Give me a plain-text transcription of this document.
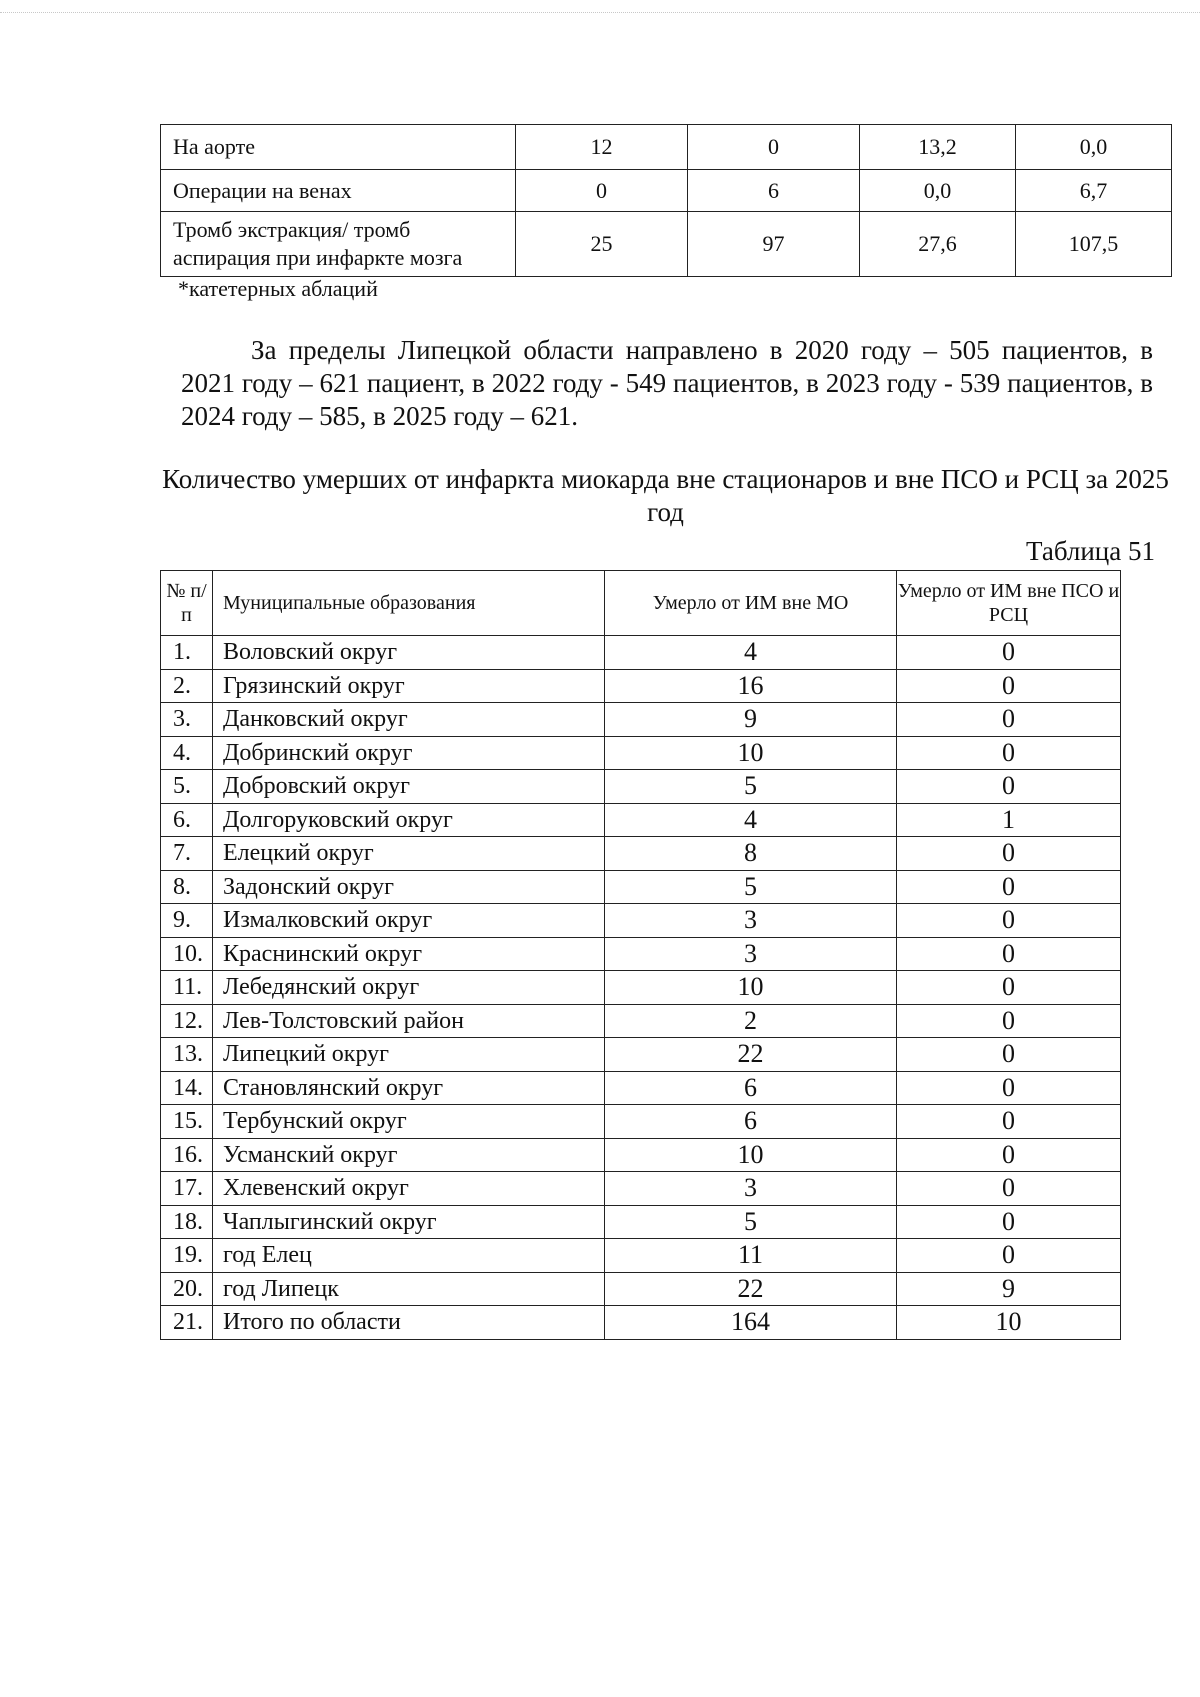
На аорте	12	0	13,2	0,0
Операции на венах	0	6	0,0	6,7
Тромб экстракция/ тромб аспирация при инфаркте мозга	25	97	27,6	107,5
*катетерных аблаций

За пределы Липецкой области направлено в 2020 году – 505 пациентов, в 2021 году – 621 пациент, в 2022 году - 549 пациентов, в 2023 году - 539 пациентов, в 2024 году – 585, в 2025 году – 621.

Количество умерших от инфаркта миокарда вне стационаров и вне ПСО и РСЦ за 2025 год
Таблица 51
№ п/п	Муниципальные образования	Умерло от ИМ вне МО	Умерло от ИМ вне ПСО и РСЦ
1.	Воловский округ	4	0
2.	Грязинский округ	16	0
3.	Данковский округ	9	0
4.	Добринский округ	10	0
5.	Добровский округ	5	0
6.	Долгоруковский округ	4	1
7.	Елецкий округ	8	0
8.	Задонский округ	5	0
9.	Измалковский округ	3	0
10.	Краснинский округ	3	0
11.	Лебедянский округ	10	0
12.	Лев-Толстовский район	2	0
13.	Липецкий округ	22	0
14.	Становлянский округ	6	0
15.	Тербунский округ	6	0
16.	Усманский округ	10	0
17.	Хлевенский округ	3	0
18.	Чаплыгинский округ	5	0
19.	год Елец	11	0
20.	год Липецк	22	9
21.	Итого по области	164	10
